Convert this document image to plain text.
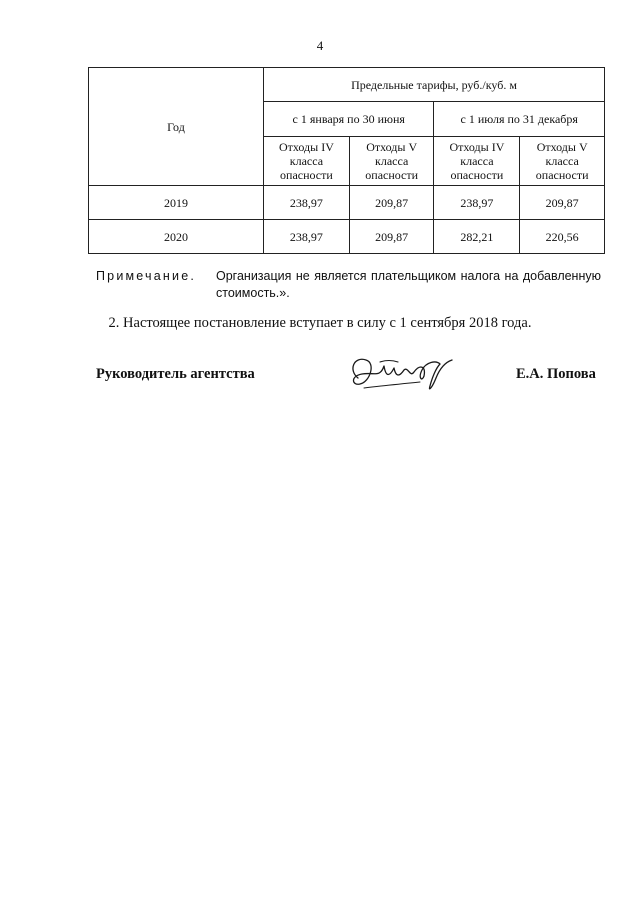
4
Год	Предельные тарифы, руб./куб. м			
	с 1 января по 30 июня		с 1 июля по 31 декабря	
	Отходы IV класса опасности	Отходы V класса опасности	Отходы IV класса опасности	Отходы V класса опасности
2019	238,97	209,87	238,97	209,87
2020	238,97	209,87	282,21	220,56
Примечание. Организация не является плательщиком налога на добавленную стоимость.».
2. Настоящее постановление вступает в силу с 1 сентября 2018 года.
Руководитель агентства	Е.А. Попова
